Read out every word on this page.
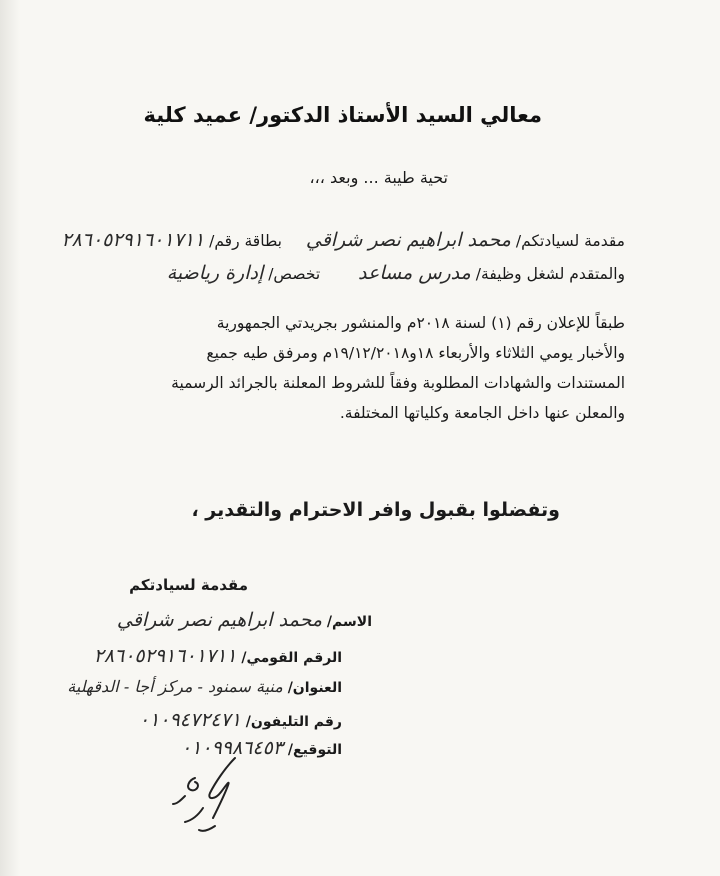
معالي السيد الأستاذ الدكتور/ عميد كلية
تحية طيبة ... وبعد ،،،
مقدمة لسيادتكم/ محمد ابراهيم نصر شراقي  بطاقة رقم/ ٢٨٦٠٥٢٩١٦٠١٧١١
والمتقدم لشغل وظيفة/ مدرس مساعد  تخصص/ إدارة رياضية
طبقاً للإعلان رقم (١) لسنة ٢٠١٨م والمنشور بجريدتي الجمهورية
والأخبار يومي الثلاثاء والأربعاء ١٨و١٩/١٢/٢٠١٨م ومرفق طيه جميع
المستندات والشهادات المطلوبة وفقاً للشروط المعلنة بالجرائد الرسمية
والمعلن عنها داخل الجامعة وكلياتها المختلفة.
وتفضلوا بقبول وافر الاحترام والتقدير ،
مقدمة لسيادتكم
الاسم/ محمد ابراهيم نصر شراقي
الرقم القومي/ ٢٨٦٠٥٢٩١٦٠١٧١١
العنوان/ منية سمنود - مركز أجا - الدقهلية
رقم التليفون/ ٠١٠٩٤٧٢٤٧١
التوقيع/ ٠١٠٩٩٨٦٤٥٣
